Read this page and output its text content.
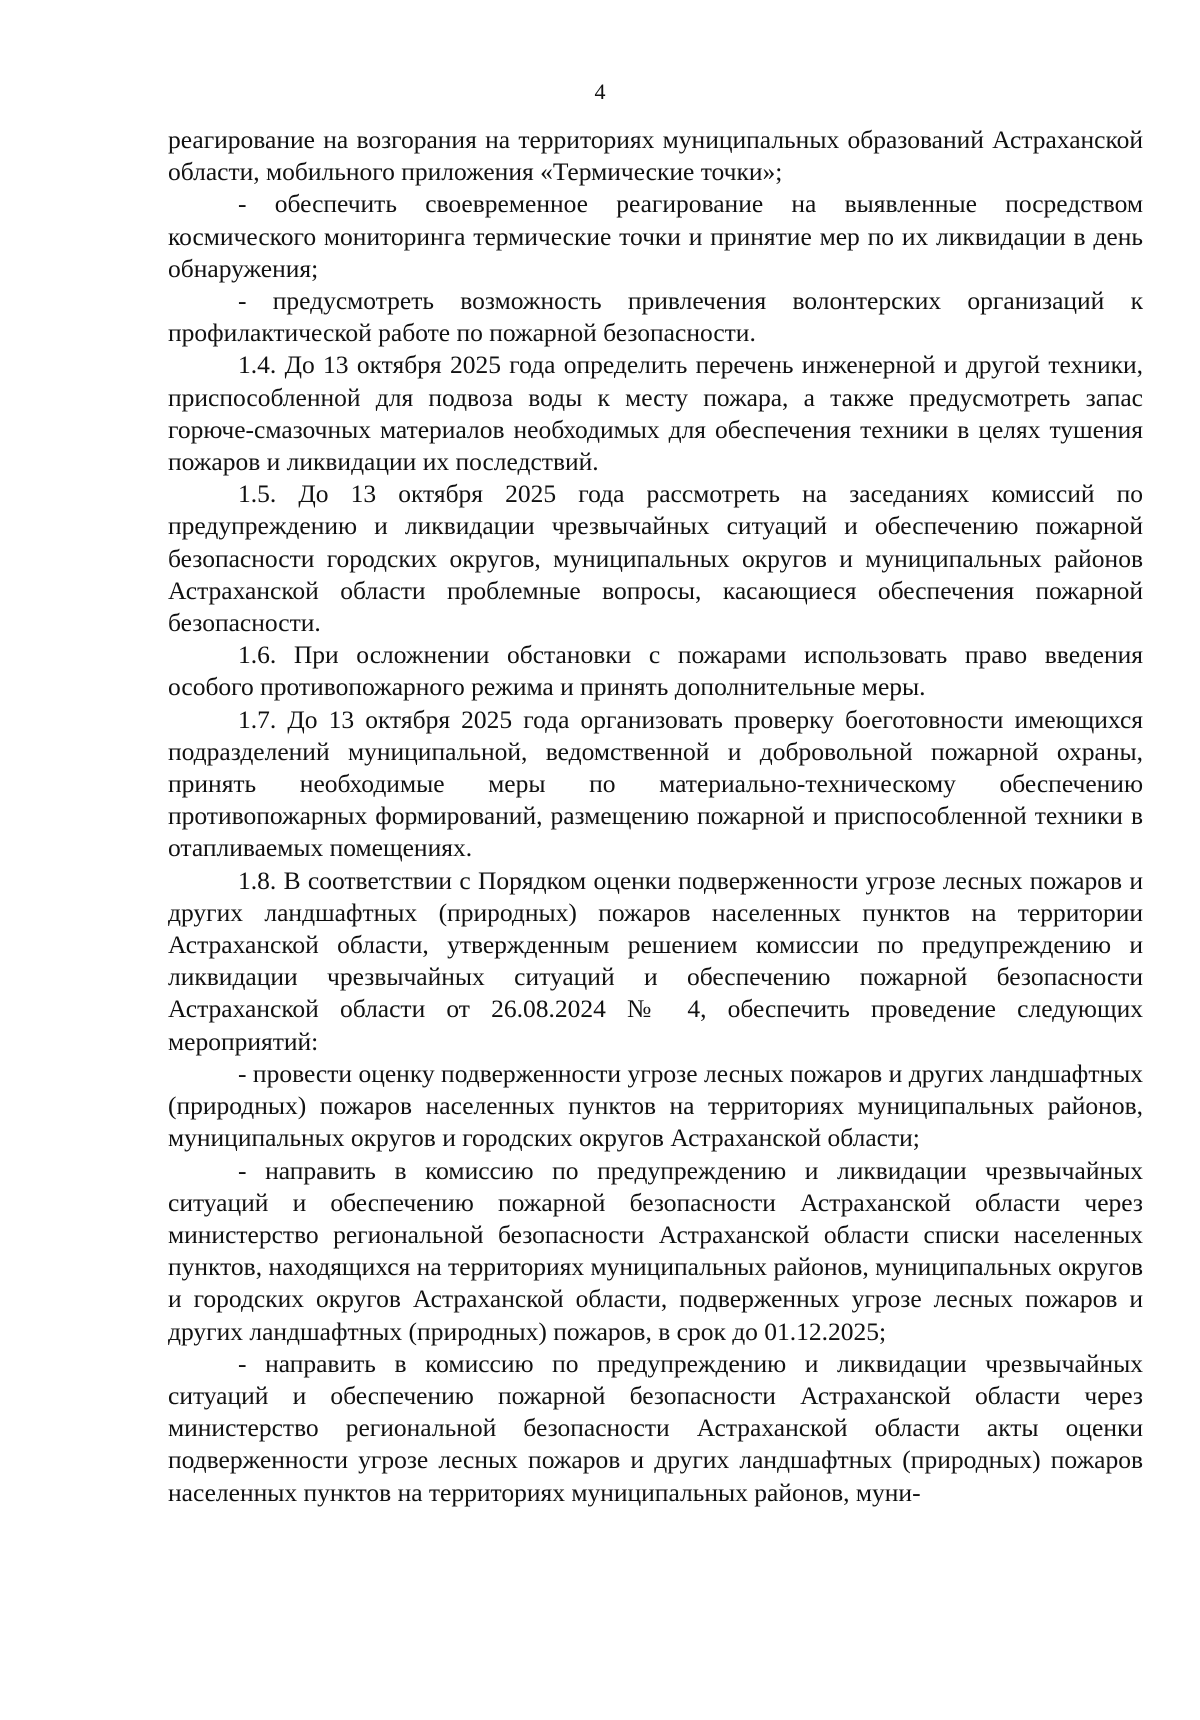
4

реагирование на возгорания на территориях муниципальных образований Астраханской области, мобильного приложения «Термические точки»;

- обеспечить своевременное реагирование на выявленные посредством космического мониторинга термические точки и принятие мер по их ликвидации в день обнаружения;

- предусмотреть возможность привлечения волонтерских организаций к профилактической работе по пожарной безопасности.

1.4. До 13 октября 2025 года определить перечень инженерной и другой техники, приспособленной для подвоза воды к месту пожара, а также предусмотреть запас горюче-смазочных материалов необходимых для обеспечения техники в целях тушения пожаров и ликвидации их последствий.

1.5. До 13 октября 2025 года рассмотреть на заседаниях комиссий по предупреждению и ликвидации чрезвычайных ситуаций и обеспечению пожарной безопасности городских округов, муниципальных округов и муниципальных районов Астраханской области проблемные вопросы, касающиеся обеспечения пожарной безопасности.

1.6. При осложнении обстановки с пожарами использовать право введения особого противопожарного режима и принять дополнительные меры.

1.7. До 13 октября 2025 года организовать проверку боеготовности имеющихся подразделений муниципальной, ведомственной и добровольной пожарной охраны, принять необходимые меры по материально-техническому обеспечению противопожарных формирований, размещению пожарной и приспособленной техники в отапливаемых помещениях.

1.8. В соответствии с Порядком оценки подверженности угрозе лесных пожаров и других ландшафтных (природных) пожаров населенных пунктов на территории Астраханской области, утвержденным решением комиссии по предупреждению и ликвидации чрезвычайных ситуаций и обеспечению пожарной безопасности Астраханской области от 26.08.2024 № 4, обеспечить проведение следующих мероприятий:

- провести оценку подверженности угрозе лесных пожаров и других ландшафтных (природных) пожаров населенных пунктов на территориях муниципальных районов, муниципальных округов и городских округов Астраханской области;

- направить в комиссию по предупреждению и ликвидации чрезвычайных ситуаций и обеспечению пожарной безопасности Астраханской области через министерство региональной безопасности Астраханской области списки населенных пунктов, находящихся на территориях муниципальных районов, муниципальных округов и городских округов Астраханской области, подверженных угрозе лесных пожаров и других ландшафтных (природных) пожаров, в срок до 01.12.2025;

- направить в комиссию по предупреждению и ликвидации чрезвычайных ситуаций и обеспечению пожарной безопасности Астраханской области через министерство региональной безопасности Астраханской области акты оценки подверженности угрозе лесных пожаров и других ландшафтных (природных) пожаров населенных пунктов на территориях муниципальных районов, муни-
